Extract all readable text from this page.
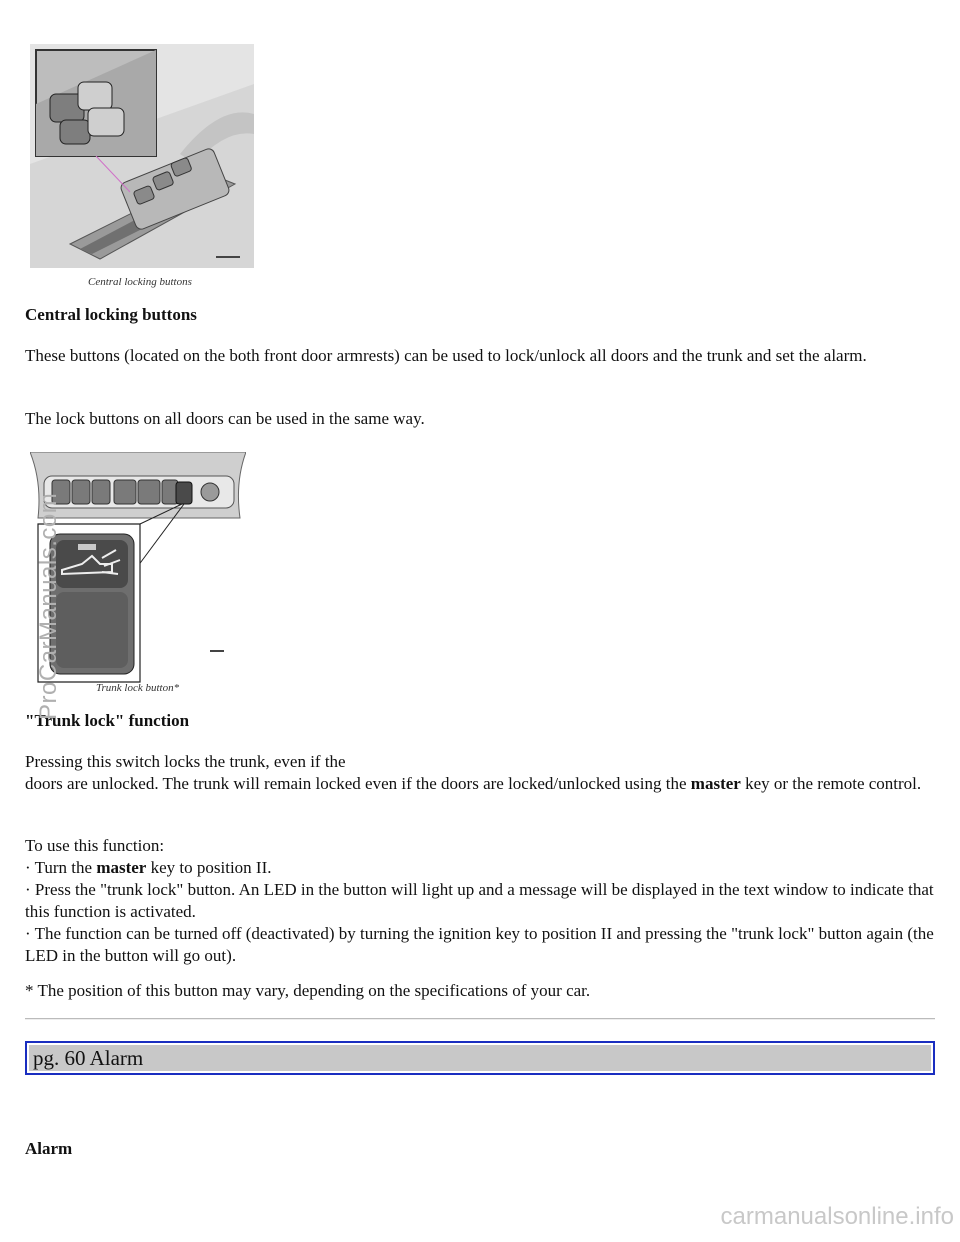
Central locking buttons
Central locking buttons
These buttons (located on the both front door armrests) can be used to lock/unlock all doors and the trunk and set the alarm.
The lock buttons on all doors can be used in the same way.
Trunk lock button*
"Trunk lock" function
Pressing this switch locks the trunk, even if the
doors are unlocked. The trunk will remain locked even if the doors are locked/unlocked using the master key or the remote control.
To use this function:
· Turn the master key to position II.
· Press the "trunk lock" button. An LED in the button will light up and a message will be displayed in the text window to indicate that this function is activated.
· The function can be turned off (deactivated) by turning the ignition key to position II and pressing the "trunk lock" button again (the LED in the button will go out).
* The position of this button may vary, depending on the specifications of your car.
pg. 60 Alarm
Alarm
ProCarManuals.com
carmanualsonline.info
